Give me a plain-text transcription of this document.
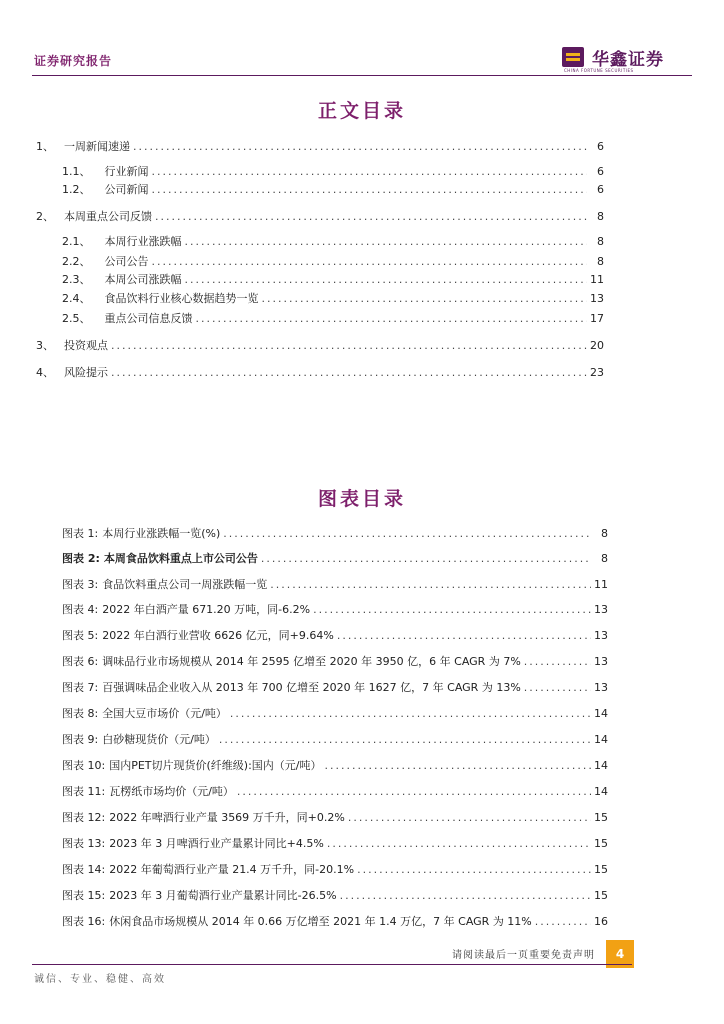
证券研究报告	华鑫证券
CHINA FORTUNE SECURITIES
正文目录
1、 一周新闻速递 .....	6
1.1、 行业新闻 .....	6
1.2、 公司新闻 .....	6
2、 本周重点公司反馈 .....	8
2.1、 本周行业涨跌幅 .....	8
2.2、 公司公告 .....	8
2.3、 本周公司涨跌幅 .....	11
2.4、 食品饮料行业核心数据趋势一览 .....	13
2.5、 重点公司信息反馈 .....	17
3、 投资观点 .....	20
4、 风险提示 .....	23
图表目录
图表 1: 本周行业涨跌幅一览(%) .....	8
图表 2: 本周食品饮料重点上市公司公告 .....	8
图表 3: 食品饮料重点公司一周涨跌幅一览 .....	11
图表 4: 2022 年白酒产量 671.20 万吨，同-6.2% .....	13
图表 5: 2022 年白酒行业营收 6626 亿元，同+9.64% .....	13
图表 6: 调味品行业市场规模从 2014 年 2595 亿增至 2020 年 3950 亿，6 年 CAGR 为 7% .....	13
图表 7: 百强调味品企业收入从 2013 年 700 亿增至 2020 年 1627 亿，7 年 CAGR 为 13% .....	13
图表 8: 全国大豆市场价（元/吨） .....	14
图表 9: 白砂糖现货价（元/吨） .....	14
图表 10: 国内PET切片现货价(纤维级):国内（元/吨） .....	14
图表 11: 瓦楞纸市场均价（元/吨） .....	14
图表 12: 2022 年啤酒行业产量 3569 万千升，同+0.2% .....	15
图表 13: 2023 年 3 月啤酒行业产量累计同比+4.5% .....	15
图表 14: 2022 年葡萄酒行业产量 21.4 万千升，同-20.1% .....	15
图表 15: 2023 年 3 月葡萄酒行业产量累计同比-26.5% .....	15
图表 16: 休闲食品市场规模从 2014 年 0.66 万亿增至 2021 年 1.4 万亿，7 年 CAGR 为 11% .....	16
请阅读最后一页重要免责声明	4
诚信、专业、稳健、高效
